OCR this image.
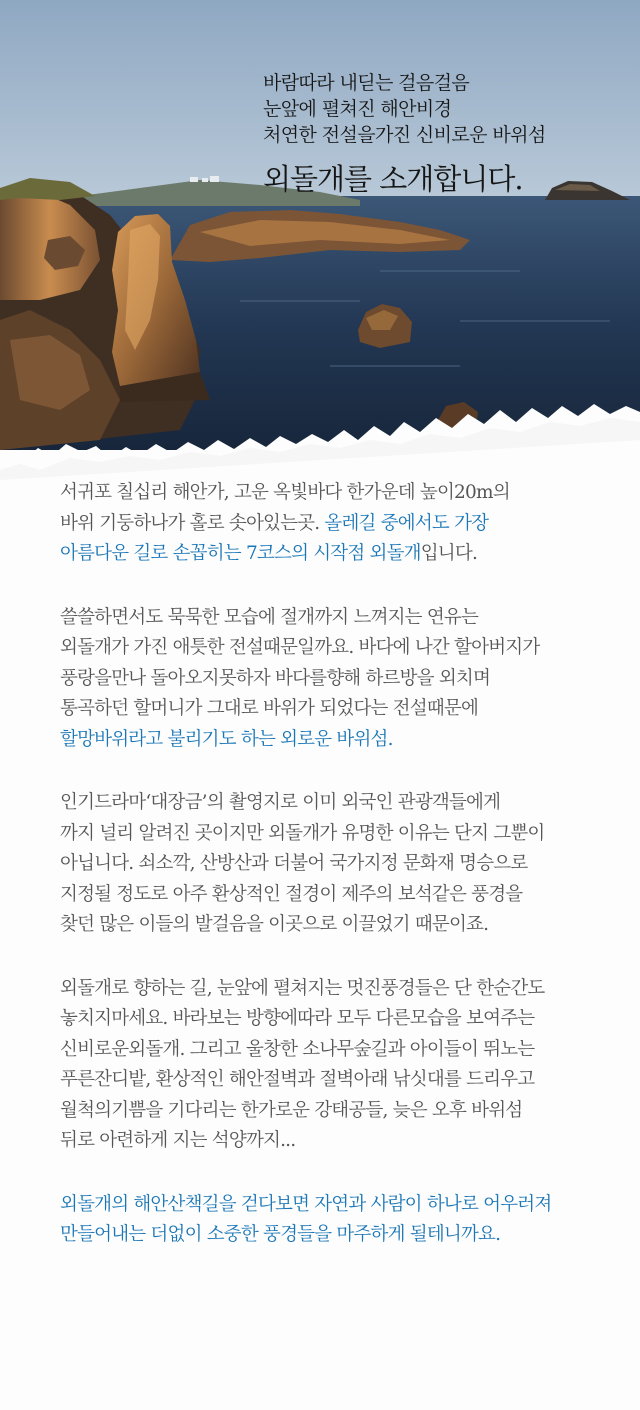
바람따라 내딛는 걸음걸음
눈앞에 펼쳐진 해안비경
처연한 전설을가진 신비로운 바위섬
외돌개를 소개합니다.

서귀포 칠십리 해안가, 고운 옥빛바다 한가운데 높이20m의
바위 기둥하나가 홀로 솟아있는곳. 올레길 중에서도 가장
아름다운 길로 손꼽히는 7코스의 시작점 외돌개입니다.

쓸쓸하면서도 묵묵한 모습에 절개까지 느껴지는 연유는
외돌개가 가진 애틋한 전설때문일까요. 바다에 나간 할아버지가
풍랑을만나 돌아오지못하자 바다를향해 하르방을 외치며
통곡하던 할머니가 그대로 바위가 되었다는 전설때문에
할망바위라고 불리기도 하는 외로운 바위섬.

인기드라마‘대장금’의 촬영지로 이미 외국인 관광객들에게
까지 널리 알려진 곳이지만 외돌개가 유명한 이유는 단지 그뿐이
아닙니다. 쇠소깍, 산방산과 더불어 국가지정 문화재 명승으로
지정될 정도로 아주 환상적인 절경이 제주의 보석같은 풍경을
찾던 많은 이들의 발걸음을 이곳으로 이끌었기 때문이죠.

외돌개로 향하는 길, 눈앞에 펼쳐지는 멋진풍경들은 단 한순간도
놓치지마세요. 바라보는 방향에따라 모두 다른모습을 보여주는
신비로운외돌개. 그리고 울창한 소나무숲길과 아이들이 뛰노는
푸른잔디밭, 환상적인 해안절벽과 절벽아래 낚싯대를 드리우고
월척의기쁨을 기다리는 한가로운 강태공들, 늦은 오후 바위섬
뒤로 아련하게 지는 석양까지...

외돌개의 해안산책길을 걷다보면 자연과 사람이 하나로 어우러져
만들어내는 더없이 소중한 풍경들을 마주하게 될테니까요.
